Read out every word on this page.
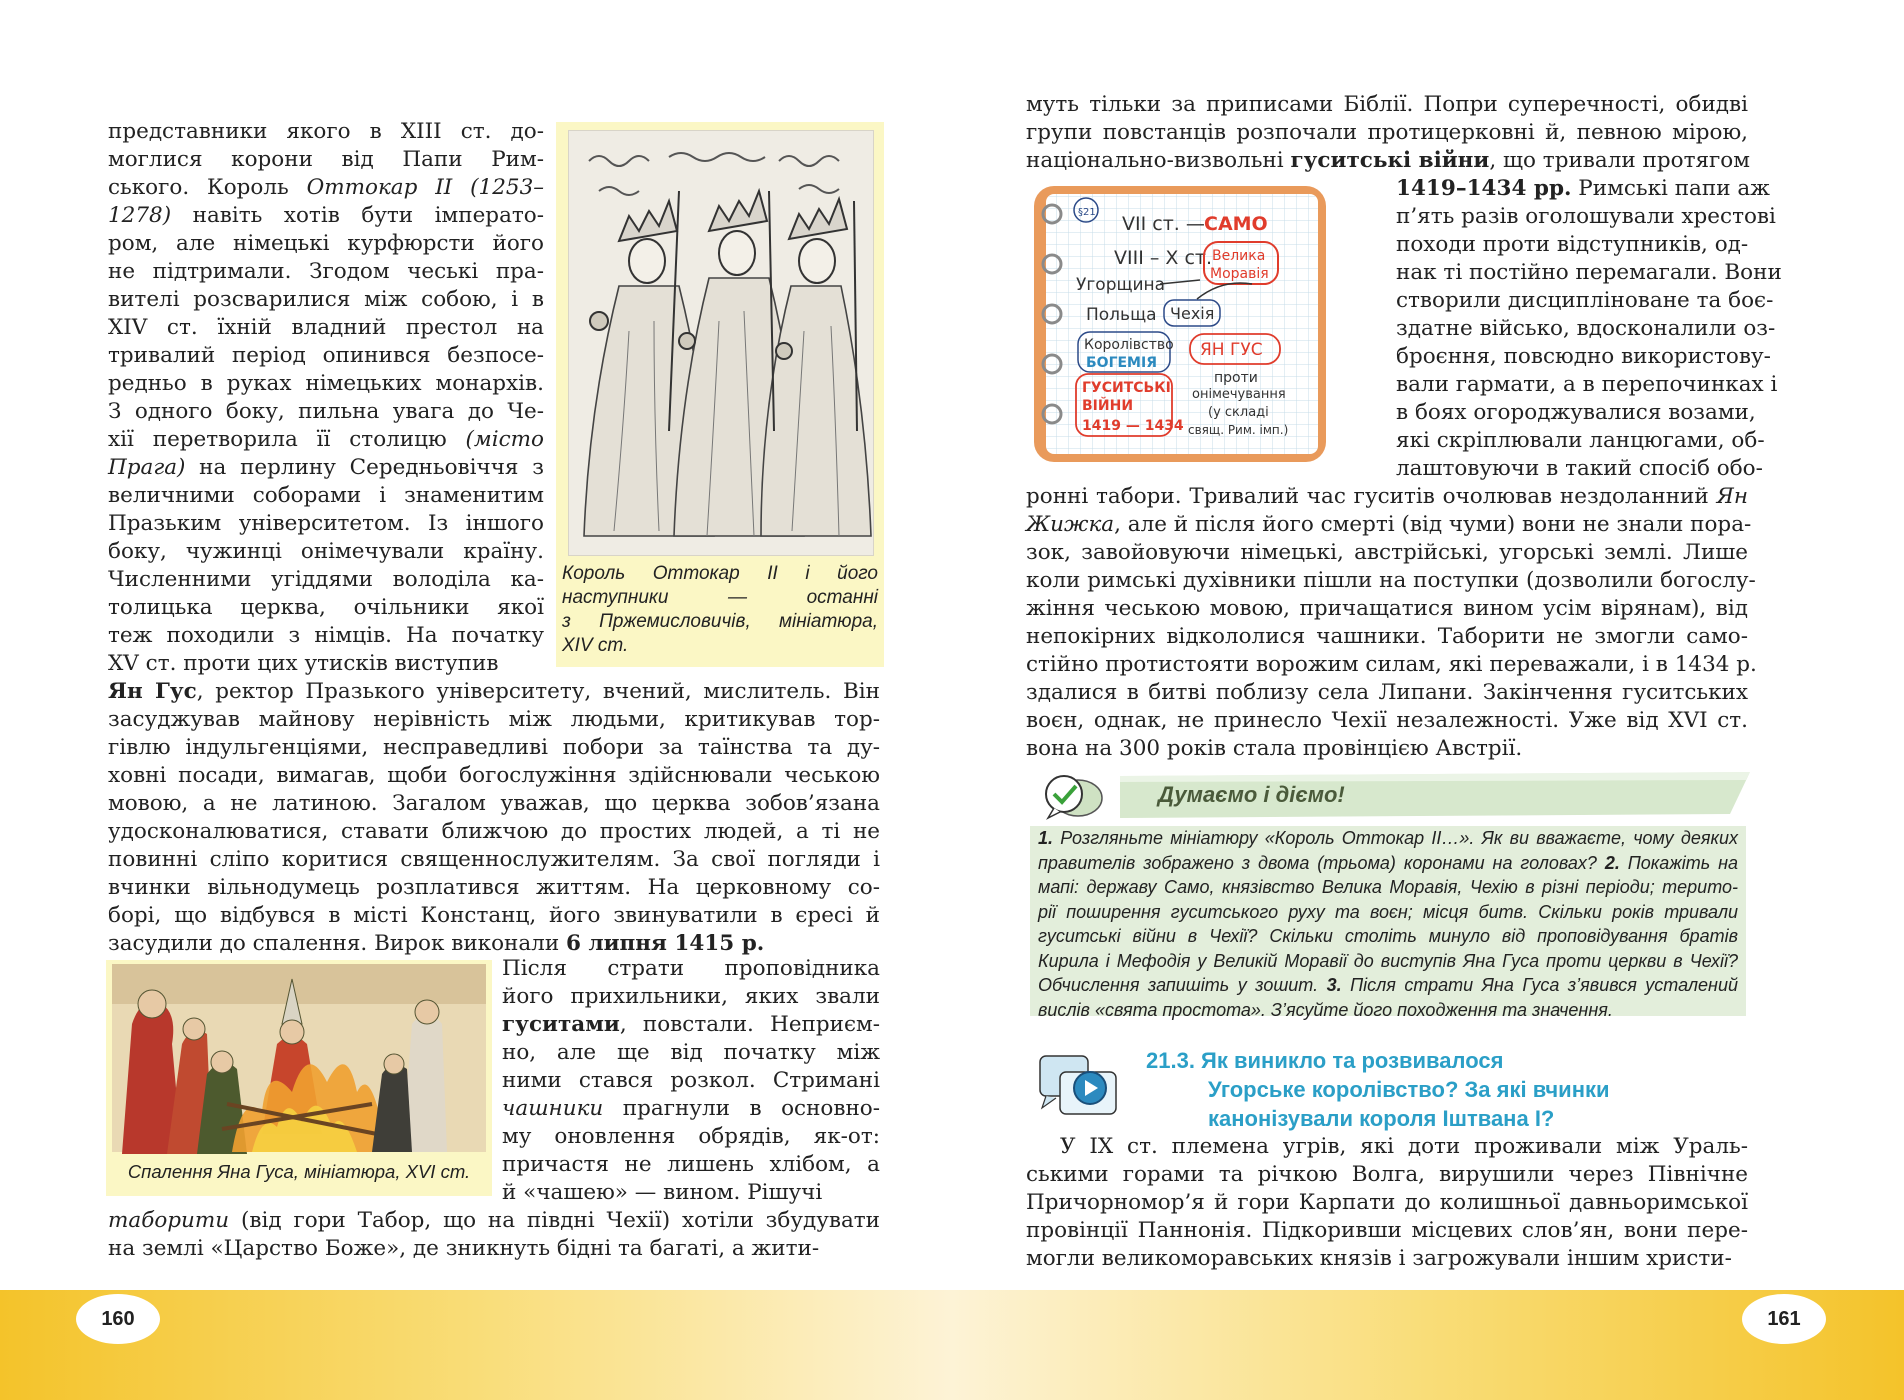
представники якого в XIII ст. до-
моглися корони від Папи Рим-
ського. Король Оттокар II (1253–
1278) навіть хотів бути імперато-
ром, але німецькі курфюрсти його
не підтримали. Згодом чеські пра-
вителі розсварилися між собою, і в
XIV ст. їхній владний престол на
тривалий період опинився безпосе-
редньо в руках німецьких монархів.
З одного боку, пильна увага до Че-
хії перетворила її столицю (місто
Прага) на перлину Середньовіччя з
величними соборами і знаменитим
Празьким університетом. Із іншого
боку, чужинці онімечували країну.
Численними угіддями володіла ка-
толицька церква, очільники якої
теж походили з німців. На початку
XV ст. проти цих утисків виступив
Король Оттокар II і його
наступники — останні
з Пржемисловичів, мініатюра,
XIV ст.
Ян Гус, ректор Празького університету, вчений, мислитель. Він
засуджував майнову нерівність між людьми, критикував тор-
гівлю індульгенціями, несправедливі побори за таїнства та ду-
ховні посади, вимагав, щоби богослужіння здійснювали чеською
мовою, а не латиною. Загалом уважав, що церква зобов’язана
удосконалюватися, ставати ближчою до простих людей, а ті не
повинні сліпо коритися священнослужителям. За свої погляди і
вчинки вільнодумець розплатився життям. На церковному со-
борі, що відбувся в місті Констанц, його звинуватили в єресі й
засудили до спалення. Вирок виконали 6 липня 1415 р.
Спалення Яна Гуса, мініатюра, XVI ст.
Після страти проповідника
його прихильники, яких звали
гуситами, повстали. Неприєм-
но, але ще від початку між
ними стався розкол. Стримані
чашники прагнули в основно-
му оновлення обрядів, як-от:
причастя не лишень хлібом, а
й «чашею» — вином. Рішучі
таборити (від гори Табор, що на півдні Чехії) хотіли збудувати
на землі «Царство Боже», де зникнуть бідні та багаті, а жити-
муть тільки за приписами Біблії. Попри суперечності, обидві
групи повстанців розпочали протицерковні й, певною мірою,
національно-визвольні гуситські війни, що тривали протягом
§21
VII ст. — САМО
VIII – X ст. Велика
Моравія
Угорщина
Польща Чехія
Королівство
БОГЕМІЯ
ЯН ГУС
проти
онімечування
(у складі
свящ. Рим. імп.)
ГУСИТСЬКІ
ВІЙНИ
1419 — 1434
1419–1434 рр. Римські папи аж
п’ять разів оголошували хрестові
походи проти відступників, од-
нак ті постійно перемагали. Вони
створили дисципліноване та боє-
здатне військо, вдосконалили оз-
броєння, повсюдно використову-
вали гармати, а в перепочинках і
в боях огороджувалися возами,
які скріплювали ланцюгами, об-
лаштовуючи в такий спосіб обо-
ронні табори. Тривалий час гуситів очолював нездоланний Ян
Жижка, але й після його смерті (від чуми) вони не знали пора-
зок, завойовуючи німецькі, австрійські, угорські землі. Лише
коли римські духівники пішли на поступки (дозволили богослу-
жіння чеською мовою, причащатися вином усім вірянам), від
непокірних відкололися чашники. Таборити не змогли само-
стійно протистояти ворожим силам, які переважали, і в 1434 р.
здалися в битві поблизу села Липани. Закінчення гуситських
воєн, однак, не принесло Чехії незалежності. Уже від XVI ст.
вона на 300 років стала провінцією Австрії.
Думаємо і діємо!
1. Розгляньте мініатюру «Король Оттокар II…». Як ви вважаєте, чому деяких
правителів зображено з двома (трьома) коронами на головах? 2. Покажіть на
мапі: державу Само, князівство Велика Моравія, Чехію в різні періоди; терито-
рії поширення гуситського руху та воєн; місця битв. Скільки років тривали
гуситські війни в Чехії? Скільки століть минуло від проповідування братів
Кирила і Мефодія у Великій Моравії до виступів Яна Гуса проти церкви в Чехії?
Обчислення запишіть у зошит. 3. Після страти Яна Гуса з’явився усталений
вислів «свята простота». З’ясуйте його походження та значення.
21.3. Як виникло та розвивалося
Угорське королівство? За які вчинки
канонізували короля Іштвана І?
У IX ст. племена угрів, які доти проживали між Ураль-
ськими горами та річкою Волга, вирушили через Північне
Причорномор’я й гори Карпати до колишньої давньоримської
провінції Паннонія. Підкоривши місцевих слов’ян, вони пере-
могли великоморавських князів і загрожували іншим христи-
160	161
